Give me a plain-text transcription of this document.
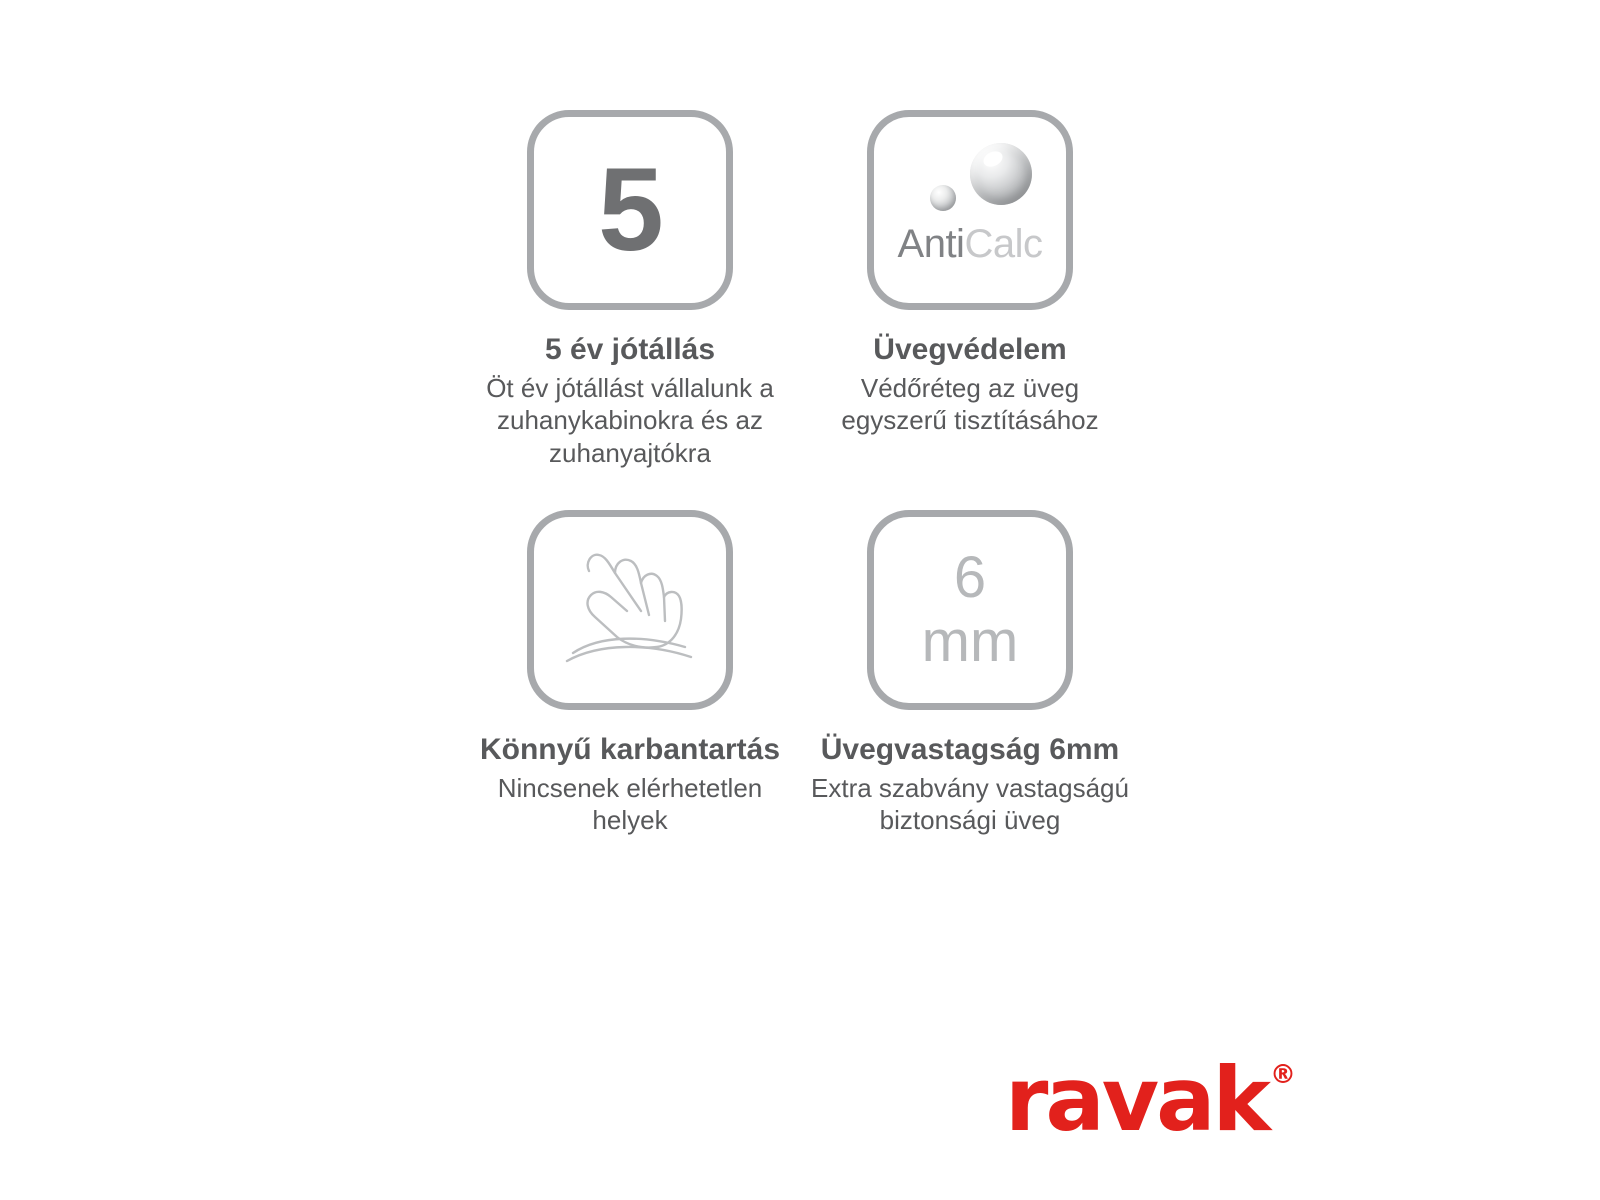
5
5 év jótállás
Öt év jótállást vállalunk a zuhanykabinokra és az zuhanyajtókra
AntiCalc
Üvegvédelem
Védőréteg az üveg egyszerű tisztításához
Könnyű karbantartás
Nincsenek elérhetetlen helyek
6
mm
Üvegvastagság 6mm
Extra szabvány vastagságú biztonsági üveg
ravak®
